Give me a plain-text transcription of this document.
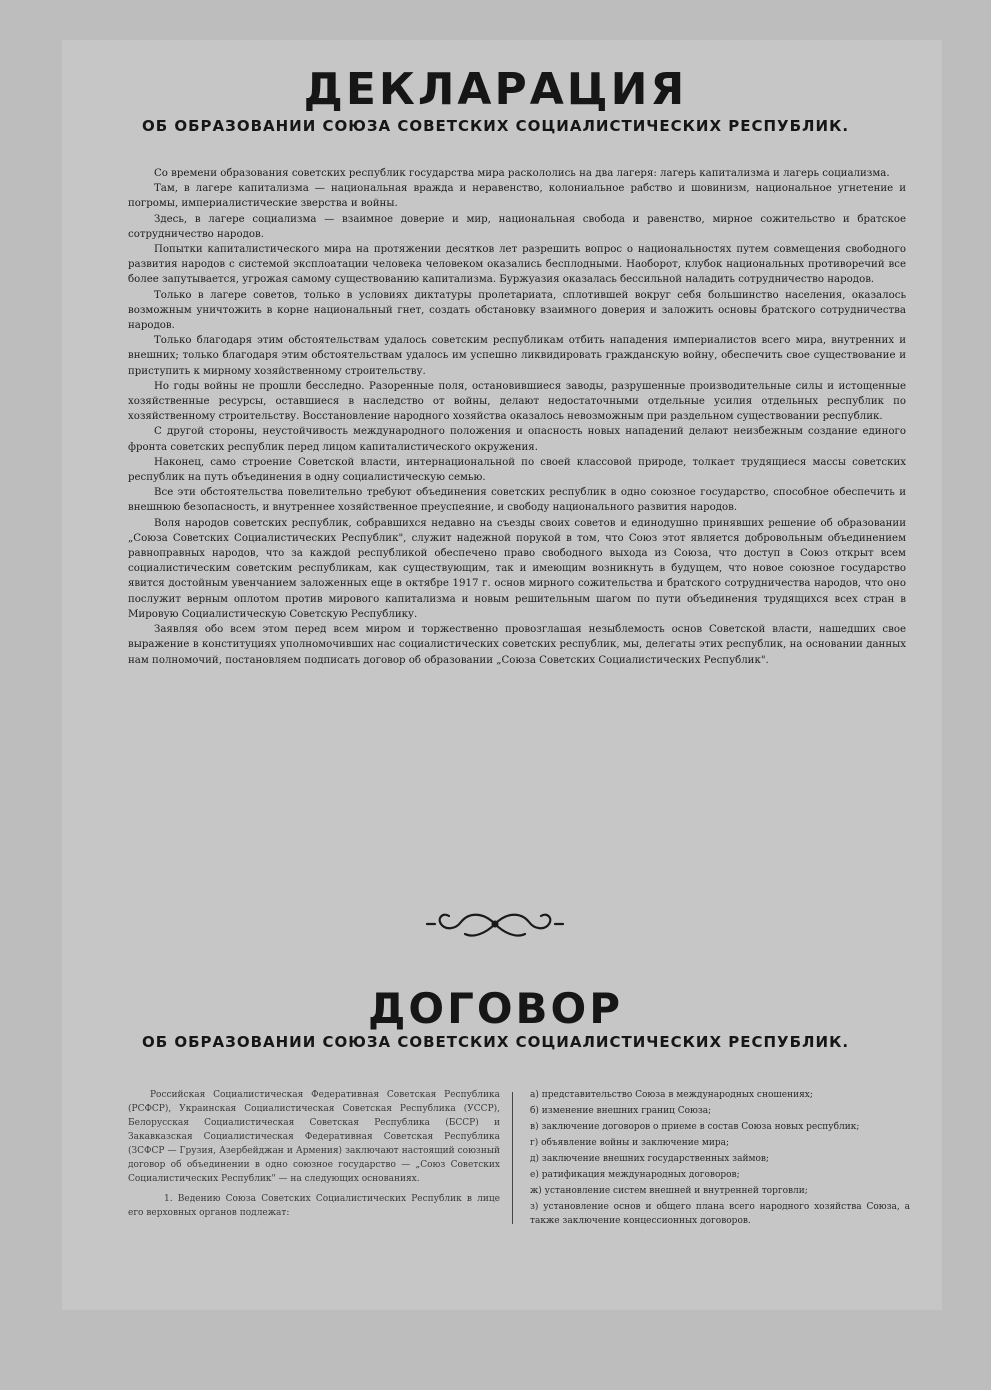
ДЕКЛАРАЦИЯ
ОБ ОБРАЗОВАНИИ СОЮЗА СОВЕТСКИХ СОЦИАЛИСТИЧЕСКИХ РЕСПУБЛИК.

Со времени образования советских республик государства мира раскололись на два лагеря: лагерь капитализма и лагерь социализма.

Там, в лагере капитализма — национальная вражда и неравенство, колониальное рабство и шовинизм, национальное угнетение и погромы, империалистические зверства и войны.

Здесь, в лагере социализма — взаимное доверие и мир, национальная свобода и равенство, мирное сожительство и братское сотрудничество народов.

Попытки капиталистического мира на протяжении десятков лет разрешить вопрос о национальностях путем совмещения свободного развития народов с системой эксплоатации человека человеком оказались бесплодными. Наоборот, клубок национальных противоречий все более запутывается, угрожая самому существованию капитализма. Буржуазия оказалась бессильной наладить сотрудничество народов.

Только в лагере советов, только в условиях диктатуры пролетариата, сплотившей вокруг себя большинство населения, оказалось возможным уничтожить в корне национальный гнет, создать обстановку взаимного доверия и заложить основы братского сотрудничества народов.

Только благодаря этим обстоятельствам удалось советским республикам отбить нападения империалистов всего мира, внутренних и внешних; только благодаря этим обстоятельствам удалось им успешно ликвидировать гражданскую войну, обеспечить свое существование и приступить к мирному хозяйственному строительству.

Но годы войны не прошли бесследно. Разоренные поля, остановившиеся заводы, разрушенные производительные силы и истощенные хозяйственные ресурсы, оставшиеся в наследство от войны, делают недостаточными отдельные усилия отдельных республик по хозяйственному строительству. Восстановление народного хозяйства оказалось невозможным при раздельном существовании республик.

С другой стороны, неустойчивость международного положения и опасность новых нападений делают неизбежным создание единого фронта советских республик перед лицом капиталистического окружения.

Наконец, само строение Советской власти, интернациональной по своей классовой природе, толкает трудящиеся массы советских республик на путь объединения в одну социалистическую семью.

Все эти обстоятельства повелительно требуют объединения советских республик в одно союзное государство, способное обеспечить и внешнюю безопасность, и внутреннее хозяйственное преуспеяние, и свободу национального развития народов.

Воля народов советских республик, собравшихся недавно на съезды своих советов и единодушно принявших решение об образовании „Союза Советских Социалистических Республик", служит надежной порукой в том, что Союз этот является добровольным объединением равноправных народов, что за каждой республикой обеспечено право свободного выхода из Союза, что доступ в Союз открыт всем социалистическим советским республикам, как существующим, так и имеющим возникнуть в будущем, что новое союзное государство явится достойным увенчанием заложенных еще в октябре 1917 г. основ мирного сожительства и братского сотрудничества народов, что оно послужит верным оплотом против мирового капитализма и новым решительным шагом по пути объединения трудящихся всех стран в Мировую Социалистическую Советскую Республику.

Заявляя обо всем этом перед всем миром и торжественно провозглашая незыблемость основ Советской власти, нашедших свое выражение в конституциях уполномочивших нас социалистических советских республик, мы, делегаты этих республик, на основании данных нам полномочий, постановляем подписать договор об образовании „Союза Советских Социалистических Республик".

ДОГОВОР
ОБ ОБРАЗОВАНИИ СОЮЗА СОВЕТСКИХ СОЦИАЛИСТИЧЕСКИХ РЕСПУБЛИК.

Российская Социалистическая Федеративная Советская Республика (РСФСР), Украинская Социалистическая Советская Республика (УССР), Белорусская Социалистическая Советская Республика (БССР) и Закавказская Социалистическая Федеративная Советская Республика (ЗСФСР — Грузия, Азербейджан и Армения) заключают настоящий союзный договор об объединении в одно союзное государство — „Союз Советских Социалистических Республик" — на следующих основаниях.

1. Ведению Союза Советских Социалистических Республик в лице его верховных органов подлежат:

а) представительство Союза в международных сношениях;

б) изменение внешних границ Союза;

в) заключение договоров о приеме в состав Союза новых республик;

г) объявление войны и заключение мира;

д) заключение внешних государственных займов;

е) ратификация международных договоров;

ж) установление систем внешней и внутренней торговли;

з) установление основ и общего плана всего народного хозяйства Союза, а также заключение концессионных договоров.
